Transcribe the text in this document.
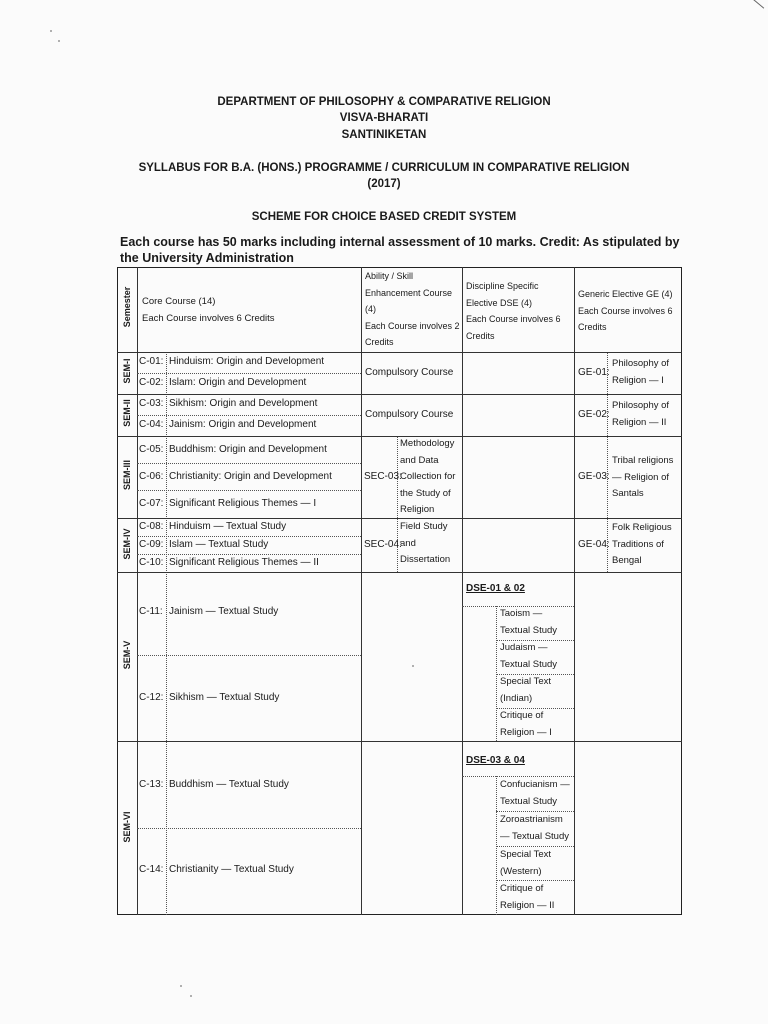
DEPARTMENT OF PHILOSOPHY & COMPARATIVE RELIGION
VISVA-BHARATI
SANTINIKETAN
SYLLABUS FOR B.A. (HONS.) PROGRAMME / CURRICULUM IN COMPARATIVE RELIGION
(2017)
SCHEME FOR CHOICE BASED CREDIT SYSTEM
Each course has 50 marks including internal assessment of 10 marks. Credit: As stipulated by the University Administration
Semester Core Course (14)
Each Course involves 6 Credits
Ability / Skill
Enhancement Course
(4)
Each Course involves 2
Credits
Discipline Specific
Elective DSE (4)
Each Course involves 6
Credits
Generic Elective GE (4)
Each Course involves 6
Credits
SEM-I C-01: Hinduism: Origin and Development
C-02: Islam: Origin and Development
Compulsory Course	GE-01:
Philosophy of
Religion — I
SEM-II C-03: Sikhism: Origin and Development
C-04: Jainism: Origin and Development
Compulsory Course	GE-02:
Philosophy of
Religion — II
SEM-III
C-05: Buddhism: Origin and Development
C-06: Christianity: Origin and Development
C-07: Significant Religious Themes — I
SEC-03:
Methodology
and Data
Collection for
the Study of
Religion
GE-03:
Tribal religions
— Religion of
Santals
SEM-IV
C-08: Hinduism — Textual Study
C-09: Islam — Textual Study
C-10: Significant Religious Themes — II
SEC-04:
Field Study
and
Dissertation
GE-04:
Folk Religious
Traditions of
Bengal
SEM-V
C-11: Jainism — Textual Study
C-12: Sikhism — Textual Study
DSE-01 & 02
Taoism —
Textual Study
Judaism —
Textual Study
Special Text
(Indian)
Critique of
Religion — I
SEM-VI
C-13: Buddhism — Textual Study
C-14: Christianity — Textual Study
DSE-03 & 04
Confucianism —
Textual Study
Zoroastrianism
— Textual Study
Special Text
(Western)
Critique of
Religion — II
